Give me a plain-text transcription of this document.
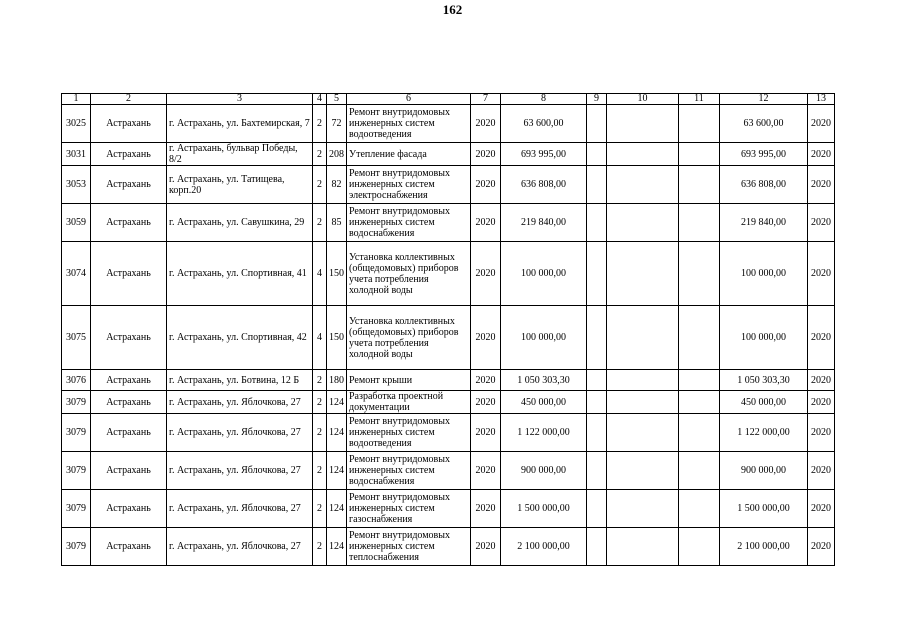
162
1	2	3	4	5	6	7	8	9	10	11	12	13
3025	Астрахань	г. Астрахань, ул. Бахтемирская, 7	2	72	Ремонт внутридомовых инженерных систем водоотведения	2020	63 600,00				63 600,00	2020
3031	Астрахань	г. Астрахань, бульвар Победы, 8/2	2	208	Утепление фасада	2020	693 995,00				693 995,00	2020
3053	Астрахань	г. Астрахань, ул. Татищева, корп.20	2	82	Ремонт внутридомовых инженерных систем электроснабжения	2020	636 808,00				636 808,00	2020
3059	Астрахань	г. Астрахань, ул. Савушкина, 29	2	85	Ремонт внутридомовых инженерных систем водоснабжения	2020	219 840,00				219 840,00	2020
3074	Астрахань	г. Астрахань, ул. Спортивная, 41	4	150	Установка коллективных (общедомовых) приборов учета потребления холодной воды	2020	100 000,00				100 000,00	2020
3075	Астрахань	г. Астрахань, ул. Спортивная, 42	4	150	Установка коллективных (общедомовых) приборов учета потребления холодной воды	2020	100 000,00				100 000,00	2020
3076	Астрахань	г. Астрахань, ул. Ботвина, 12 Б	2	180	Ремонт крыши	2020	1 050 303,30				1 050 303,30	2020
3079	Астрахань	г. Астрахань, ул. Яблочкова, 27	2	124	Разработка проектной документации	2020	450 000,00				450 000,00	2020
3079	Астрахань	г. Астрахань, ул. Яблочкова, 27	2	124	Ремонт внутридомовых инженерных систем водоотведения	2020	1 122 000,00				1 122 000,00	2020
3079	Астрахань	г. Астрахань, ул. Яблочкова, 27	2	124	Ремонт внутридомовых инженерных систем водоснабжения	2020	900 000,00				900 000,00	2020
3079	Астрахань	г. Астрахань, ул. Яблочкова, 27	2	124	Ремонт внутридомовых инженерных систем газоснабжения	2020	1 500 000,00				1 500 000,00	2020
3079	Астрахань	г. Астрахань, ул. Яблочкова, 27	2	124	Ремонт внутридомовых инженерных систем теплоснабжения	2020	2 100 000,00				2 100 000,00	2020
